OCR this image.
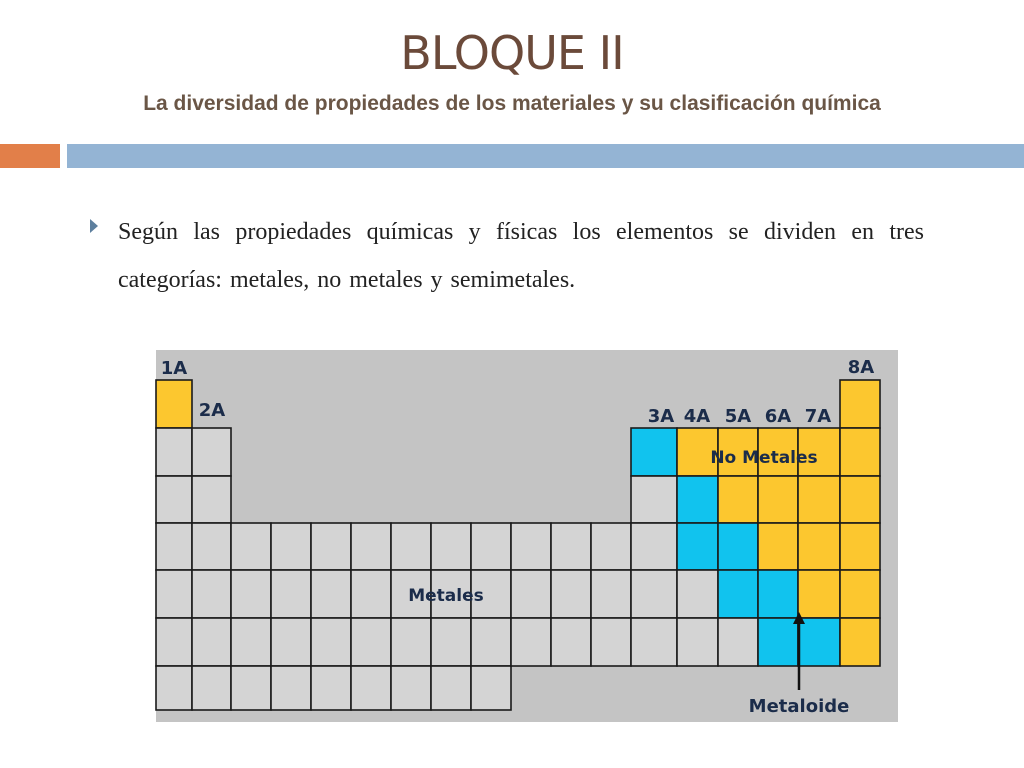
BLOQUE II
La diversidad de propiedades de los materiales y su clasificación química
Según las propiedades químicas y físicas los elementos se dividen en tres categorías: metales, no metales y semimetales.
1A
2A	3A 4A 5A 6A 7A
8A
No Metales
Metales
Metaloide
